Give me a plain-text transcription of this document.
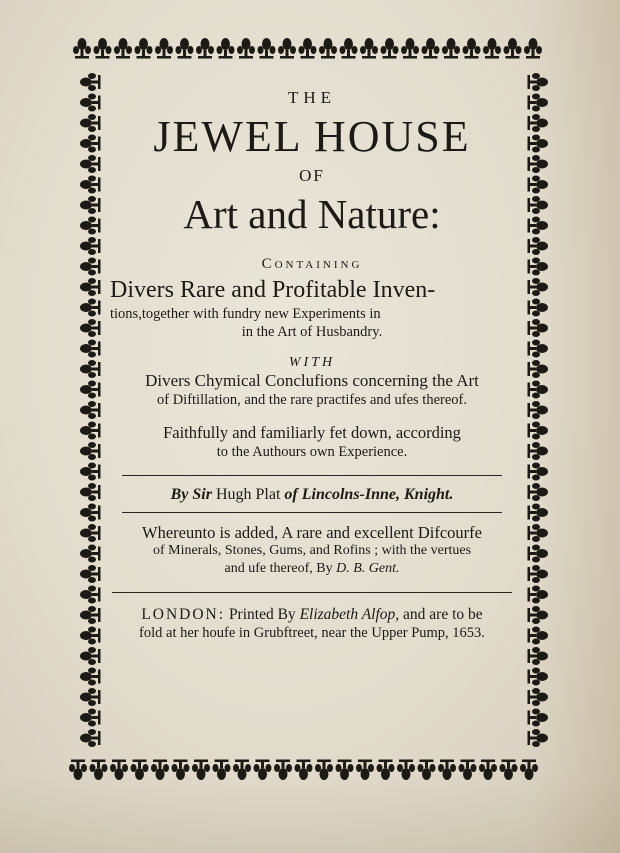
THE
JEWEL HOUSE
OF
Art and Nature:
Containing
Divers Rare and Profitable Inven-
tions,together with fundry new Experiments in
in the Art of Husbandry.
WITH
Divers Chymical Conclufions concerning the Art
of Diftillation, and the rare practifes and ufes thereof.
Faithfully and familiarly fet down, according
to the Authours own Experience.
By Sir Hugh Plat of Lincolns-Inne, Knight.
Whereunto is added, A rare and excellent Difcourfe
of Minerals, Stones, Gums, and Rofins ; with the vertues
and ufe thereof, By D. B. Gent.
LONDON: Printed By Elizabeth Alfop, and are to be
fold at her houfe in Grubftreet, near the Upper Pump, 1653.
